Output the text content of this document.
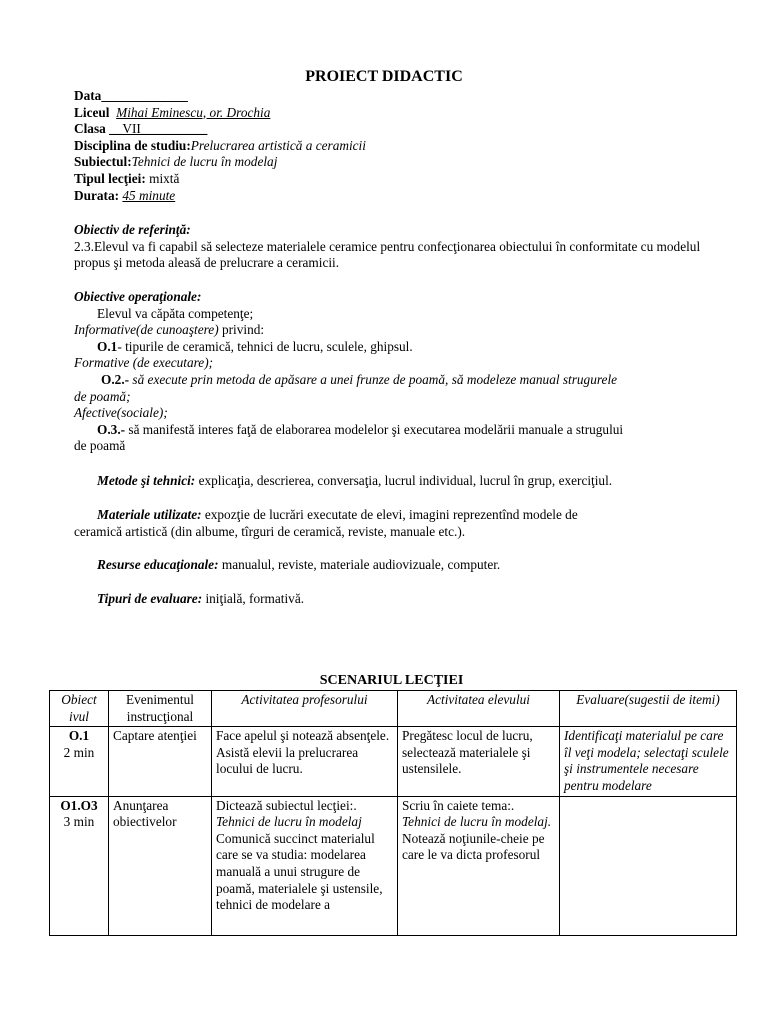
PROIECT DIDACTIC
Data_____________
Liceul Mihai Eminescu, or. Drochia
Clasa __VII__________
Disciplina de studiu:Prelucrarea artistică a ceramicii
Subiectul:Tehnici de lucru în modelaj
Tipul lecţiei: mixtă
Durata: 45 minute
Obiectiv de referinţă:
2.3.Elevul va fi capabil să selecteze materialele ceramice pentru confecţionarea obiectului în conformitate cu modelul propus şi metoda aleasă de prelucrare a ceramicii.
Obiective operaţionale:
Elevul va căpăta competenţe;
Informative(de cunoaştere) privind:
O.1- tipurile de ceramică, tehnici de lucru, sculele, ghipsul.
Formative (de executare);
O.2.- să execute prin metoda de apăsare a unei frunze de poamă, să modeleze manual strugurele
de poamă;
Afective(sociale);
O.3.- să manifestă interes faţă de elaborarea modelelor şi executarea modelării manuale a strugului
de poamă
Metode şi tehnici: explicaţia, descrierea, conversaţia, lucrul individual, lucrul în grup, exerciţiul.
Materiale utilizate: expozţie de lucrări executate de elevi, imagini reprezentînd modele de
ceramică artistică (din albume, tîrguri de ceramică, reviste, manuale etc.).
Resurse educaţionale: manualul, reviste, materiale audiovizuale, computer.
Tipuri de evaluare: iniţială, formativă.
SCENARIUL LECŢIEI
Obiect
ivul	Evenimentul instrucţional	Activitatea profesorului	Activitatea elevului	Evaluare(sugestii de itemi)
O.1
2 min	Captare atenţiei	Face apelul şi notează absenţele. Asistă elevii la prelucrarea locului de lucru.	Pregătesc locul de lucru, selectează materialele şi ustensilele.	Identificaţi materialul pe care îl veţi modela; selectaţi sculele şi instrumentele necesare pentru modelare
O1.O3
3 min	Anunţarea obiectivelor	Dictează subiectul lecţiei:.
Tehnici de lucru în modelaj
Comunică succinct materialul care se va studia: modelarea manuală a unui strugure de poamă, materialele şi ustensile, tehnici de modelare a	Scriu în caiete tema:.
Tehnici de lucru în modelaj. Notează noţiunile-cheie pe care le va dicta profesorul	
